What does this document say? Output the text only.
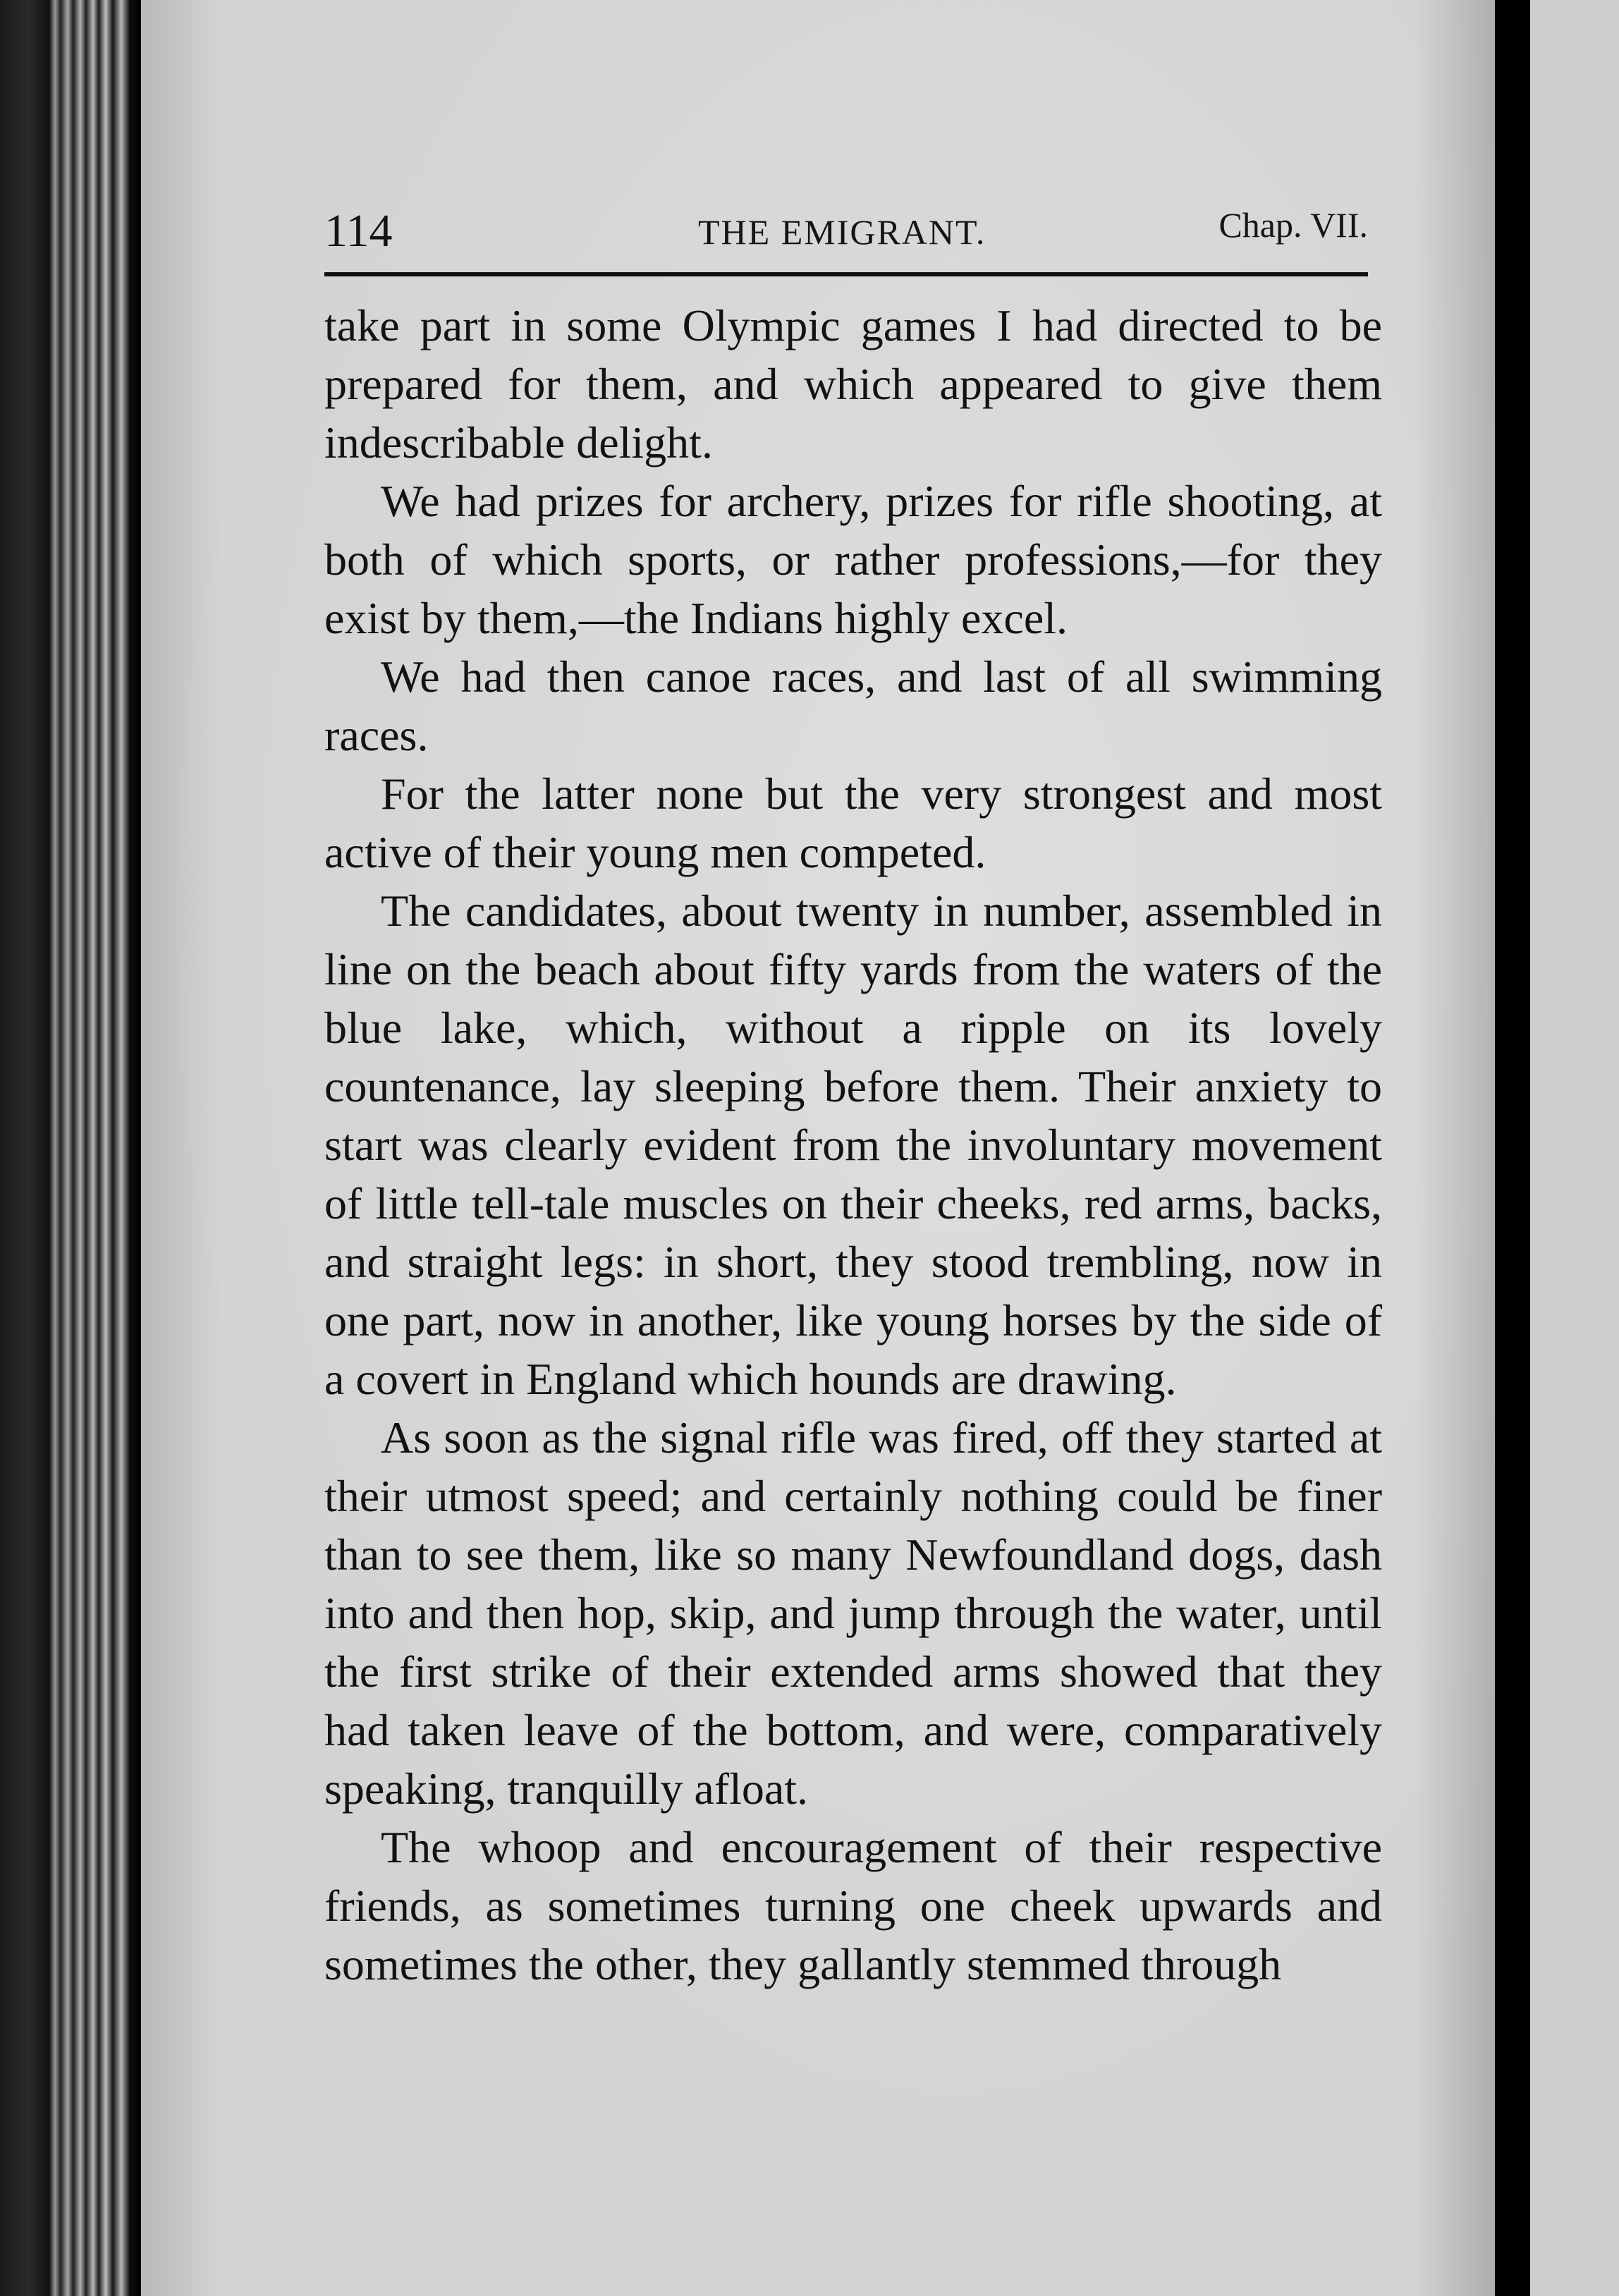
114	THE EMIGRANT.	Chap. VII.

take part in some Olympic games I had directed to be prepared for them, and which appeared to give them indescribable delight.

We had prizes for archery, prizes for rifle shooting, at both of which sports, or rather professions,—for they exist by them,—the Indians highly excel.

We had then canoe races, and last of all swimming races.

For the latter none but the very strongest and most active of their young men competed.

The candidates, about twenty in number, assembled in line on the beach about fifty yards from the waters of the blue lake, which, without a ripple on its lovely countenance, lay sleeping before them. Their anxiety to start was clearly evident from the involuntary movement of little tell-tale muscles on their cheeks, red arms, backs, and straight legs: in short, they stood trembling, now in one part, now in another, like young horses by the side of a covert in England which hounds are drawing.

As soon as the signal rifle was fired, off they started at their utmost speed; and certainly nothing could be finer than to see them, like so many Newfoundland dogs, dash into and then hop, skip, and jump through the water, until the first strike of their extended arms showed that they had taken leave of the bottom, and were, comparatively speaking, tranquilly afloat.

The whoop and encouragement of their respective friends, as sometimes turning one cheek upwards and sometimes the other, they gallantly stemmed through
